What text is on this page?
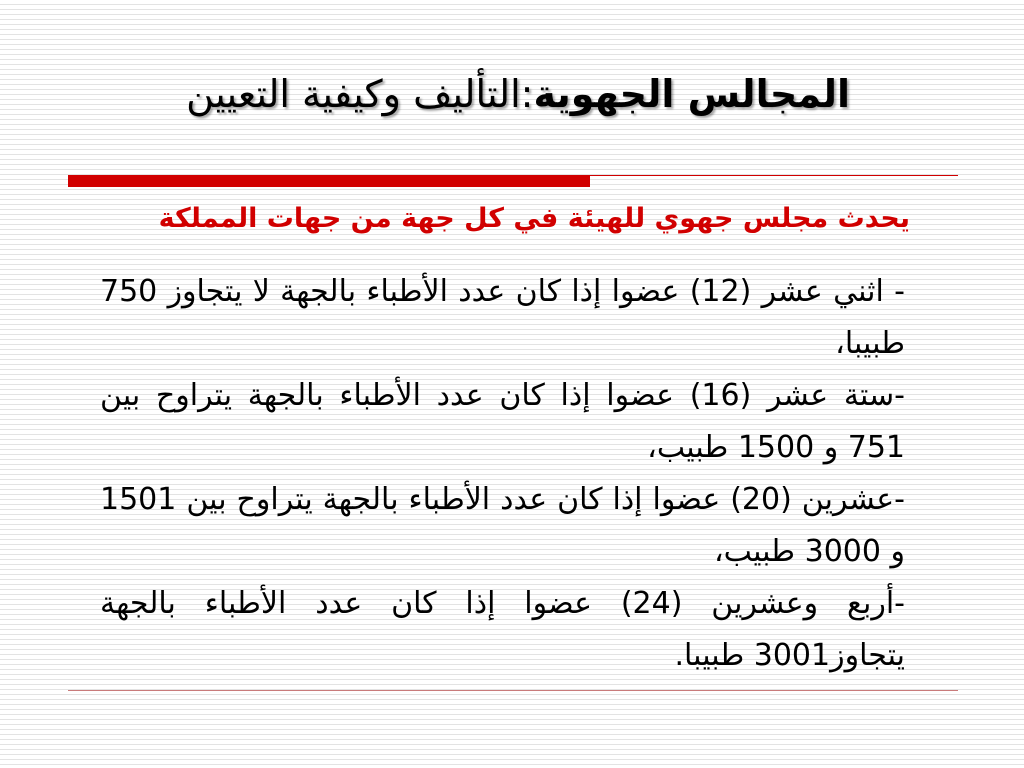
المجالس الجهوية:التأليف وكيفية التعيين

يحدث مجلس جهوي للهيئة في كل جهة من جهات المملكة

- اثني عشر (12) عضوا إذا كان عدد الأطباء بالجهة لا يتجاوز 750 طبيبا،
-ستة عشر (16) عضوا إذا كان عدد الأطباء بالجهة يتراوح بين 751 و 1500 طبيب،
-عشرين (20) عضوا إذا كان عدد الأطباء بالجهة يتراوح بين 1501 و 3000 طبيب،
-أربع وعشرين (24) عضوا إذا كان عدد الأطباء بالجهة يتجاوز3001 طبيبا.
